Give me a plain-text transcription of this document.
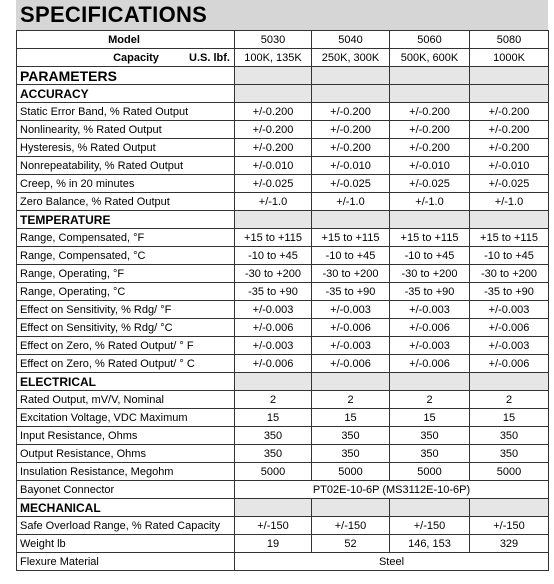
SPECIFICATIONS
Model	5030	5040	5060	5080
Capacity U.S. lbf.	100K, 135K	250K, 300K	500K, 600K	1000K
PARAMETERS				
ACCURACY				
Static Error Band, % Rated Output	+/-0.200	+/-0.200	+/-0.200	+/-0.200
Nonlinearity, % Rated Output	+/-0.200	+/-0.200	+/-0.200	+/-0.200
Hysteresis, % Rated Output	+/-0.200	+/-0.200	+/-0.200	+/-0.200
Nonrepeatability, % Rated Output	+/-0.010	+/-0.010	+/-0.010	+/-0.010
Creep, % in 20 minutes	+/-0.025	+/-0.025	+/-0.025	+/-0.025
Zero Balance, % Rated Output	+/-1.0	+/-1.0	+/-1.0	+/-1.0
TEMPERATURE				
Range, Compensated, °F	+15 to +115	+15 to +115	+15 to +115	+15 to +115
Range, Compensated, °C	-10 to +45	-10 to +45	-10 to +45	-10 to +45
Range, Operating, °F	-30 to +200	-30 to +200	-30 to +200	-30 to +200
Range, Operating, °C	-35 to +90	-35 to +90	-35 to +90	-35 to +90
Effect on Sensitivity, % Rdg/ °F	+/-0.003	+/-0.003	+/-0.003	+/-0.003
Effect on Sensitivity, % Rdg/ °C	+/-0.006	+/-0.006	+/-0.006	+/-0.006
Effect on Zero, % Rated Output/ ° F	+/-0.003	+/-0.003	+/-0.003	+/-0.003
Effect on Zero, % Rated Output/ ° C	+/-0.006	+/-0.006	+/-0.006	+/-0.006
ELECTRICAL				
Rated Output, mV/V, Nominal	2	2	2	2
Excitation Voltage, VDC Maximum	15	15	15	15
Input Resistance, Ohms	350	350	350	350
Output Resistance, Ohms	350	350	350	350
Insulation Resistance, Megohm	5000	5000	5000	5000
Bayonet Connector	PT02E-10-6P (MS3112E-10-6P)			
MECHANICAL				
Safe Overload Range, % Rated Capacity	+/-150	+/-150	+/-150	+/-150
Weight lb	19	52	146, 153	329
Flexure Material	Steel			
